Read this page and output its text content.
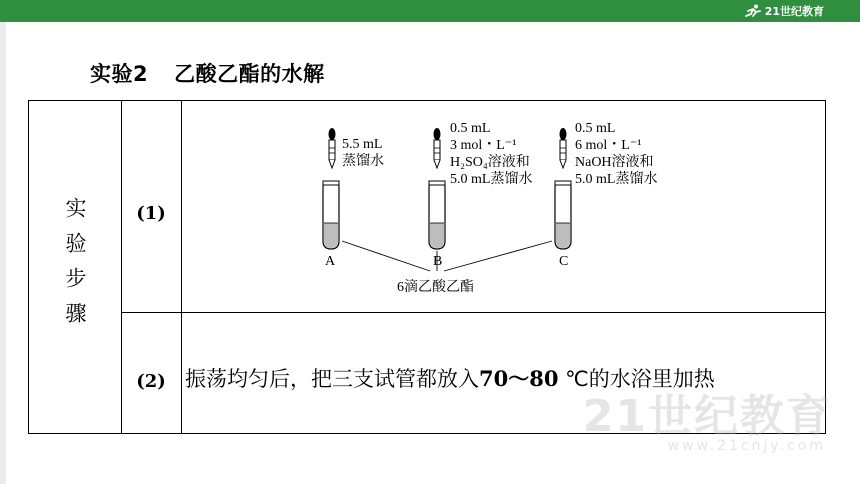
21世纪教育
实验2 乙酸乙酯的水解
实验步骤	(1)
(2)
5.5 mL
蒸馏水
A
0.5 mL
3 mol・L⁻¹
H₂SO₄溶液和
5.0 mL蒸馏水
B
0.5 mL
6 mol・L⁻¹
NaOH溶液和
5.0 mL蒸馏水
C
6滴乙酸乙酯
振荡均匀后，把三支试管都放入70～80 ℃的水浴里加热
21世纪教育
www.21cnjy.com
